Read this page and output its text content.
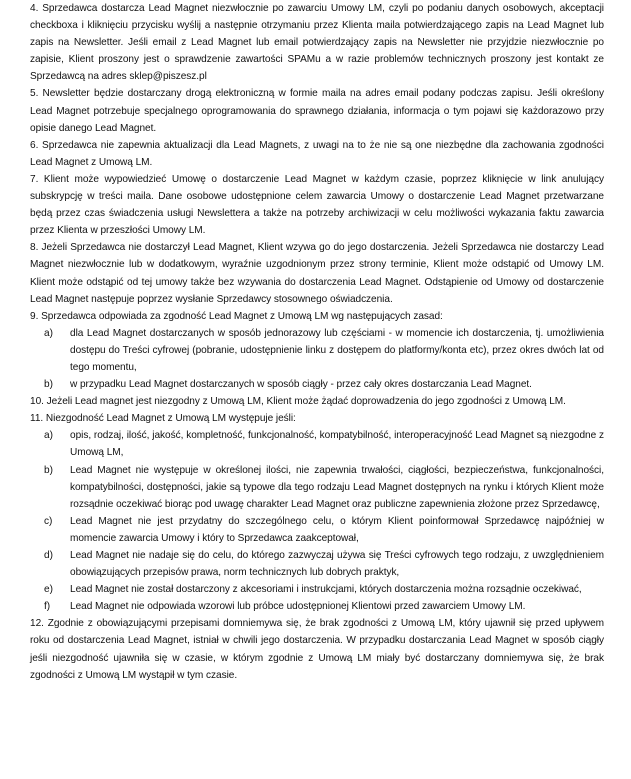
4. Sprzedawca dostarcza Lead Magnet niezwłocznie po zawarciu Umowy LM, czyli po podaniu danych osobowych, akceptacji checkboxa i kliknięciu przycisku wyślij a następnie otrzymaniu przez Klienta maila potwierdzającego zapis na Lead Magnet lub zapis na Newsletter. Jeśli email z Lead Magnet lub email potwierdzający zapis na Newsletter nie przyjdzie niezwłocznie po zapisie, Klient proszony jest o sprawdzenie zawartości SPAMu a w razie problemów technicznych proszony jest kontakt ze Sprzedawcą na adres sklep@piszesz.pl

5. Newsletter będzie dostarczany drogą elektroniczną w formie maila na adres email podany podczas zapisu. Jeśli określony Lead Magnet potrzebuje specjalnego oprogramowania do sprawnego działania, informacja o tym pojawi się każdorazowo przy opisie danego Lead Magnet.

6. Sprzedawca nie zapewnia aktualizacji dla Lead Magnets, z uwagi na to że nie są one niezbędne dla zachowania zgodności Lead Magnet z Umową LM.

7. Klient może wypowiedzieć Umowę o dostarczenie Lead Magnet w każdym czasie, poprzez kliknięcie w link anulujący subskrypcję w treści maila. Dane osobowe udostępnione celem zawarcia Umowy o dostarczenie Lead Magnet przetwarzane będą przez czas świadczenia usługi Newslettera a także na potrzeby archiwizacji w celu możliwości wykazania faktu zawarcia przez Klienta w przeszłości Umowy LM.

8. Jeżeli Sprzedawca nie dostarczył Lead Magnet, Klient wzywa go do jego dostarczenia. Jeżeli Sprzedawca nie dostarczy Lead Magnet niezwłocznie lub w dodatkowym, wyraźnie uzgodnionym przez strony terminie, Klient może odstąpić od Umowy LM. Klient może odstąpić od tej umowy także bez wzywania do dostarczenia Lead Magnet. Odstąpienie od Umowy od dostarczenie Lead Magnet następuje poprzez wysłanie Sprzedawcy stosownego oświadczenia.

9. Sprzedawca odpowiada za zgodność Lead Magnet z Umową LM wg następujących zasad:

a) dla Lead Magnet dostarczanych w sposób jednorazowy lub częściami - w momencie ich dostarczenia, tj. umożliwienia dostępu do Treści cyfrowej (pobranie, udostępnienie linku z dostępem do platformy/konta etc), przez okres dwóch lat od tego momentu,
b) w przypadku Lead Magnet dostarczanych w sposób ciągły - przez cały okres dostarczania Lead Magnet.

10. Jeżeli Lead magnet jest niezgodny z Umową LM, Klient może żądać doprowadzenia do jego zgodności z Umową LM.

11. Niezgodność Lead Magnet z Umową LM występuje jeśli:

a) opis, rodzaj, ilość, jakość, kompletność, funkcjonalność, kompatybilność, interoperacyjność Lead Magnet są niezgodne z Umową LM,
b) Lead Magnet nie występuje w określonej ilości, nie zapewnia trwałości, ciągłości, bezpieczeństwa, funkcjonalności, kompatybilności, dostępności, jakie są typowe dla tego rodzaju Lead Magnet dostępnych na rynku i których Klient może rozsądnie oczekiwać biorąc pod uwagę charakter Lead Magnet oraz publiczne zapewnienia złożone przez Sprzedawcę,
c) Lead Magnet nie jest przydatny do szczególnego celu, o którym Klient poinformował Sprzedawcę najpóźniej w momencie zawarcia Umowy i który to Sprzedawca zaakceptował,
d) Lead Magnet nie nadaje się do celu, do którego zazwyczaj używa się Treści cyfrowych tego rodzaju, z uwzględnieniem obowiązujących przepisów prawa, norm technicznych lub dobrych praktyk,
e) Lead Magnet nie został dostarczony z akcesoriami i instrukcjami, których dostarczenia można rozsądnie oczekiwać,
f) Lead Magnet nie odpowiada wzorowi lub próbce udostępnionej Klientowi przed zawarciem Umowy LM.

12. Zgodnie z obowiązującymi przepisami domniemywa się, że brak zgodności z Umową LM, który ujawnił się przed upływem roku od dostarczenia Lead Magnet, istniał w chwili jego dostarczenia. W przypadku dostarczania Lead Magnet w sposób ciągły jeśli niezgodność ujawniła się w czasie, w którym zgodnie z Umową LM miały być dostarczany domniemywa się, że brak zgodności z Umową LM wystąpił w tym czasie.
